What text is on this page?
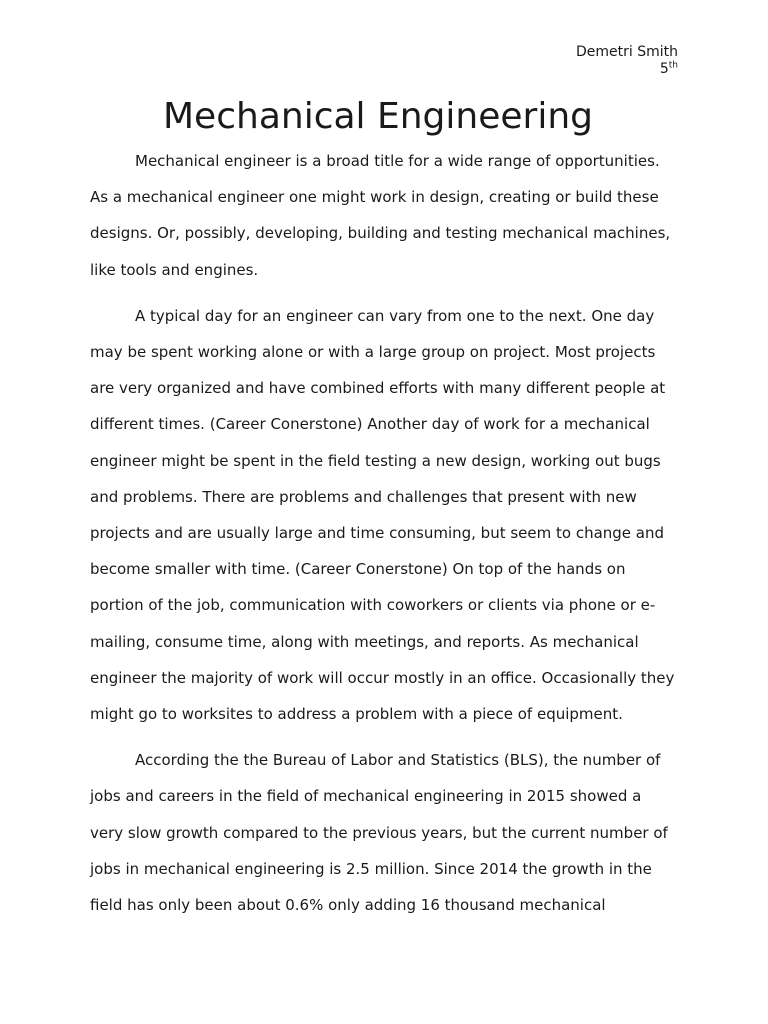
Demetri Smith
5th
Mechanical Engineering
Mechanical engineer is a broad title for a wide range of opportunities.
As a mechanical engineer one might work in design, creating or build these
designs. Or, possibly, developing, building and testing mechanical machines,
like tools and engines.
A typical day for an engineer can vary from one to the next. One day
may be spent working alone or with a large group on project. Most projects
are very organized and have combined efforts with many different people at
different times. (Career Conerstone) Another day of work for a mechanical
engineer might be spent in the field testing a new design, working out bugs
and problems. There are problems and challenges that present with new
projects and are usually large and time consuming, but seem to change and
become smaller with time. (Career Conerstone) On top of the hands on
portion of the job, communication with coworkers or clients via phone or e-
mailing, consume time, along with meetings, and reports. As mechanical
engineer the majority of work will occur mostly in an office. Occasionally they
might go to worksites to address a problem with a piece of equipment.
According the the Bureau of Labor and Statistics (BLS), the number of
jobs and careers in the field of mechanical engineering in 2015 showed a
very slow growth compared to the previous years, but the current number of
jobs in mechanical engineering is 2.5 million. Since 2014 the growth in the
field has only been about 0.6% only adding 16 thousand mechanical
